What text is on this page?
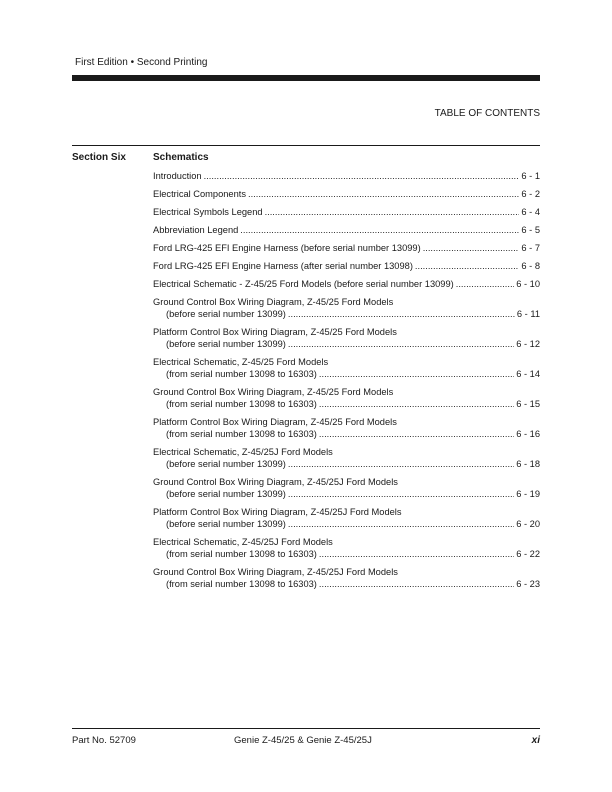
First Edition • Second Printing
TABLE OF CONTENTS
Section Six	Schematics
Introduction .....	6 - 1
Electrical Components .....	6 - 2
Electrical Symbols Legend .....	6 - 4
Abbreviation Legend .....	6 - 5
Ford LRG-425 EFI Engine Harness (before serial number 13099) .....	6 - 7
Ford LRG-425 EFI Engine Harness (after serial number 13098) .....	6 - 8
Electrical Schematic - Z-45/25 Ford Models (before serial number 13099) .....	6 - 10
Ground Control Box Wiring Diagram, Z-45/25 Ford Models
(before serial number 13099) .....	6 - 11
Platform Control Box Wiring Diagram, Z-45/25 Ford Models
(before serial number 13099) .....	6 - 12
Electrical Schematic, Z-45/25 Ford Models
(from serial number 13098 to 16303) .....	6 - 14
Ground Control Box Wiring Diagram, Z-45/25 Ford Models
(from serial number 13098 to 16303) .....	6 - 15
Platform Control Box Wiring Diagram, Z-45/25 Ford Models
(from serial number 13098 to 16303) .....	6 - 16
Electrical Schematic, Z-45/25J Ford Models
(before serial number 13099) .....	6 - 18
Ground Control Box Wiring Diagram, Z-45/25J Ford Models
(before serial number 13099) .....	6 - 19
Platform Control Box Wiring Diagram, Z-45/25J Ford Models
(before serial number 13099) .....	6 - 20
Electrical Schematic, Z-45/25J Ford Models
(from serial number 13098 to 16303) .....	6 - 22
Ground Control Box Wiring Diagram, Z-45/25J Ford Models
(from serial number 13098 to 16303) .....	6 - 23
Part No. 52709	Genie Z-45/25 & Genie Z-45/25J	xi
